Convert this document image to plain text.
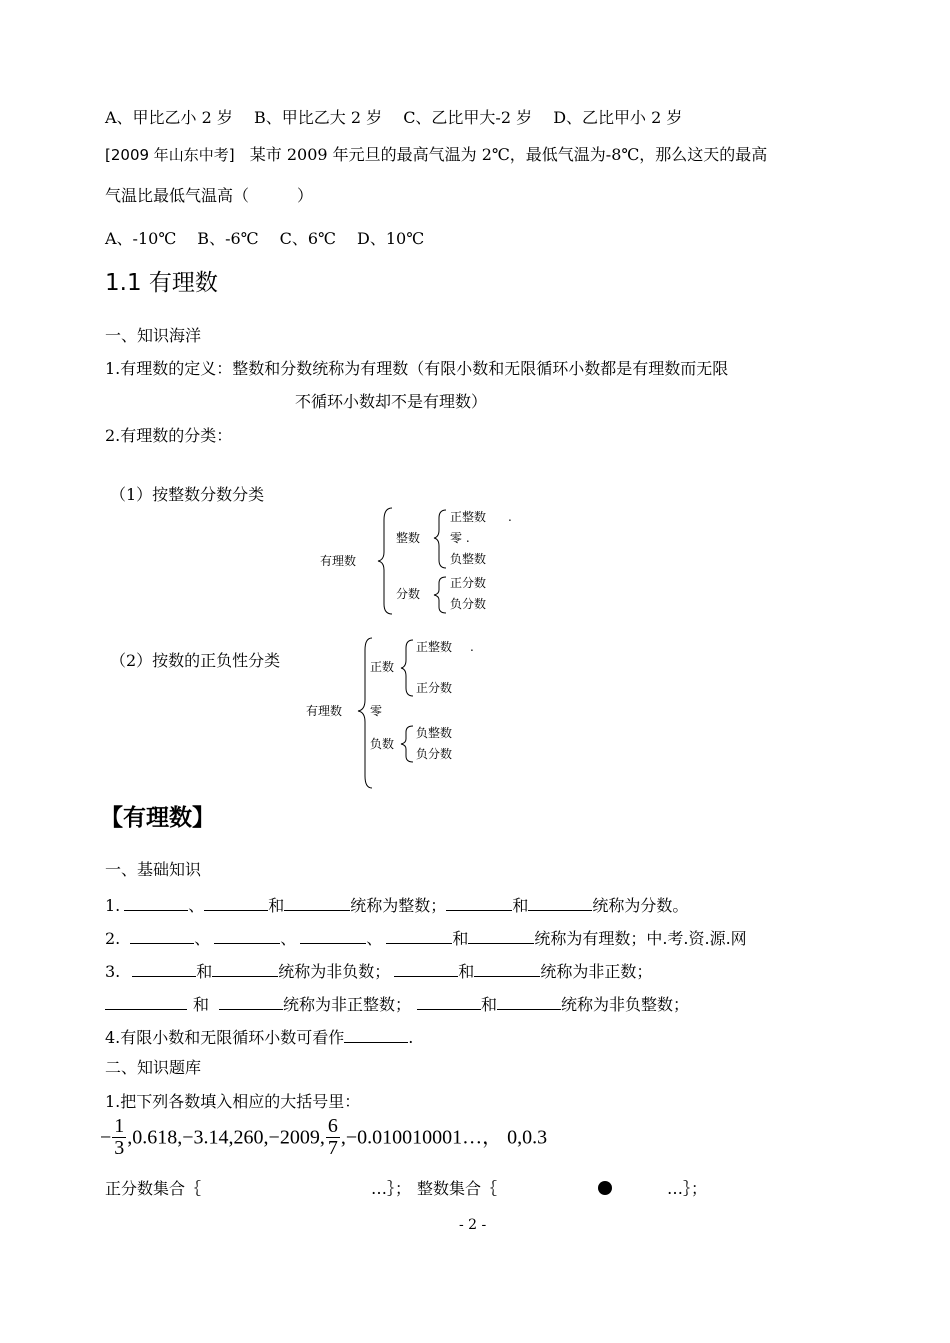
A、甲比乙小 2 岁　 B、甲比乙大 2 岁　 C、乙比甲大-2 岁　 D、乙比甲小 2 岁
[2009 年山东中考] 某市 2009 年元旦的最高气温为 2℃，最低气温为-8℃，那么这天的最高
气温比最低气温高（　　　）
A、-10℃　 B、-6℃　 C、6℃　 D、10℃
1.1 有理数
一、知识海洋
1.有理数的定义：整数和分数统称为有理数（有限小数和无限循环小数都是有理数而无限
不循环小数却不是有理数）
2.有理数的分类：
（1）按整数分数分类
有理数
整数
正整数 .
零 .
负整数
分数
正分数
负分数
（2）按数的正负性分类
有理数
正数
正整数 .
正分数
零
负数
负整数
负分数
【有理数】
一、基础知识
1.	、	和	统称为整数；	和	统称为分数。
2.	、	、	、	和	统称为有理数；中.考.资.源.网
3.	和	统称为非负数；	和	统称为非正数；
和	统称为非正整数；	和	统称为非负整数；
4.有限小数和无限循环小数可看作	.
二、知识题库
1.把下列各数填入相应的大括号里：
− $\frac{1}{3} ,0.618,-3.14,260,-2009$, $\frac{6}{7}$ ,−0.010010001…， 0,0.3
正分数集合｛	…｝； 整数集合｛	…｝；
- 2 -
